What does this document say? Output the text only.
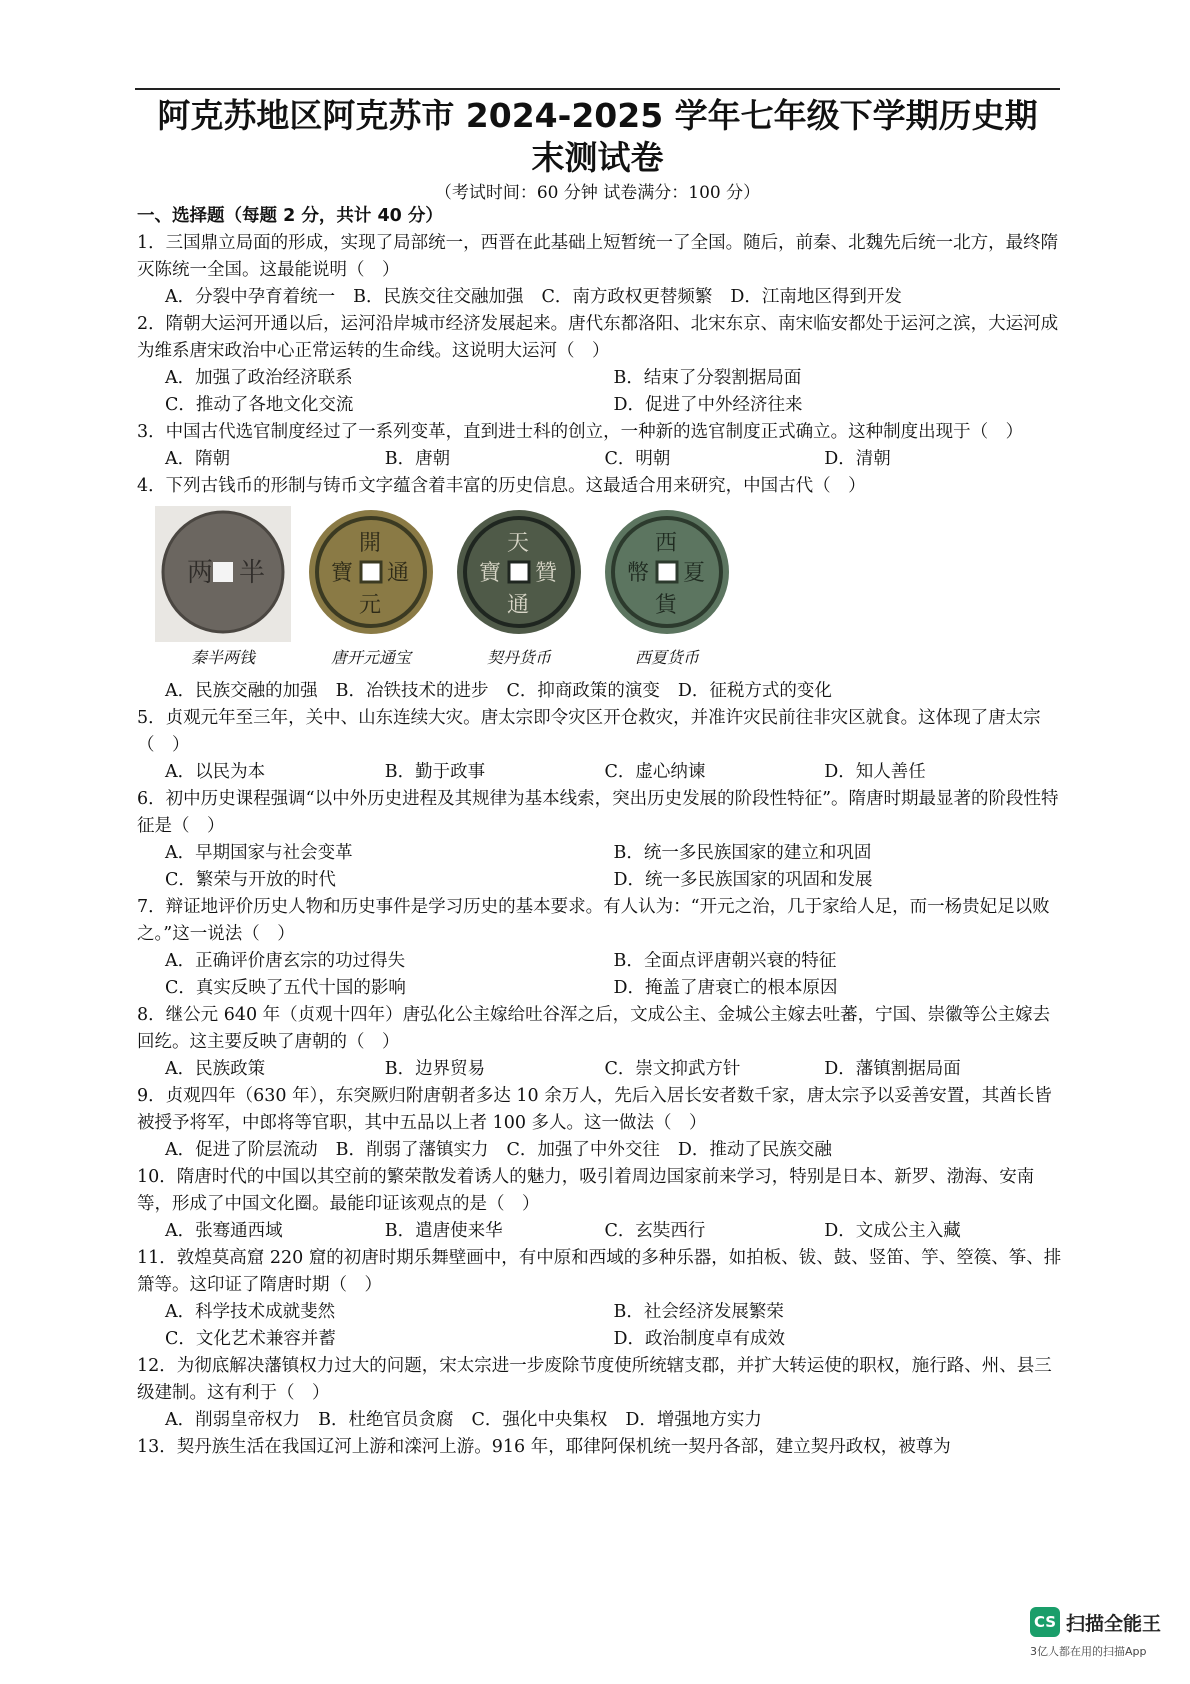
阿克苏地区阿克苏市 2024-2025 学年七年级下学期历史期
末测试卷
（考试时间：60 分钟 试卷满分：100 分）
一、选择题（每题 2 分，共计 40 分）

1．三国鼎立局面的形成，实现了局部统一，西晋在此基础上短暂统一了全国。随后，前秦、北魏先后统一北方，最终隋灭陈统一全国。这最能说明（　）

A．分裂中孕育着统一 B．民族交往交融加强 C．南方政权更替频繁 D．江南地区得到开发

2．隋朝大运河开通以后，运河沿岸城市经济发展起来。唐代东都洛阳、北宋东京、南宋临安都处于运河之滨，大运河成为维系唐宋政治中心正常运转的生命线。这说明大运河（　）

A．加强了政治经济联系	B．结束了分裂割据局面
C．推动了各地文化交流	D．促进了中外经济往来

3．中国古代选官制度经过了一系列变革，直到进士科的创立，一种新的选官制度正式确立。这种制度出现于（　）

A．隋朝	B．唐朝	C．明朝	D．清朝

4．下列古钱币的形制与铸币文字蕴含着丰富的历史信息。这最适合用来研究，中国古代（　）

两 半
秦半两钱
開
通
元
寶
唐开元通宝
天
贊
通
寶
契丹货币
西
夏
貨
幣
西夏货币
A．民族交融的加强 B．冶铁技术的进步 C．抑商政策的演变 D．征税方式的变化

5．贞观元年至三年，关中、山东连续大灾。唐太宗即令灾区开仓救灾，并准许灾民前往非灾区就食。这体现了唐太宗（　）

A．以民为本	B．勤于政事	C．虚心纳谏	D．知人善任

6．初中历史课程强调“以中外历史进程及其规律为基本线索，突出历史发展的阶段性特征”。隋唐时期最显著的阶段性特征是（　）

A．早期国家与社会变革	B．统一多民族国家的建立和巩固
C．繁荣与开放的时代	D．统一多民族国家的巩固和发展

7．辩证地评价历史人物和历史事件是学习历史的基本要求。有人认为：“开元之治，几于家给人足，而一杨贵妃足以败之。”这一说法（　）

A．正确评价唐玄宗的功过得失	B．全面点评唐朝兴衰的特征
C．真实反映了五代十国的影响	D．掩盖了唐衰亡的根本原因

8．继公元 640 年（贞观十四年）唐弘化公主嫁给吐谷浑之后，文成公主、金城公主嫁去吐蕃，宁国、崇徽等公主嫁去回纥。这主要反映了唐朝的（　）

A．民族政策	B．边界贸易	C．崇文抑武方针	D．藩镇割据局面

9．贞观四年（630 年），东突厥归附唐朝者多达 10 余万人，先后入居长安者数千家，唐太宗予以妥善安置，其酋长皆被授予将军，中郎将等官职，其中五品以上者 100 多人。这一做法（　）

A．促进了阶层流动 B．削弱了藩镇实力 C．加强了中外交往 D．推动了民族交融

10．隋唐时代的中国以其空前的繁荣散发着诱人的魅力，吸引着周边国家前来学习，特别是日本、新罗、渤海、安南等，形成了中国文化圈。最能印证该观点的是（　）

A．张骞通西域	B．遣唐使来华	C．玄奘西行	D．文成公主入藏

11．敦煌莫高窟 220 窟的初唐时期乐舞壁画中，有中原和西域的多种乐器，如拍板、钹、鼓、竖笛、竽、箜篌、筝、排箫等。这印证了隋唐时期（　）

A．科学技术成就斐然	B．社会经济发展繁荣
C．文化艺术兼容并蓄	D．政治制度卓有成效

12．为彻底解决藩镇权力过大的问题，宋太宗进一步废除节度使所统辖支郡，并扩大转运使的职权，施行路、州、县三级建制。这有利于（　）

A．削弱皇帝权力 B．杜绝官员贪腐 C．强化中央集权 D．增强地方实力

13．契丹族生活在我国辽河上游和滦河上游。916 年，耶律阿保机统一契丹各部，建立契丹政权，被尊为

CS 扫描全能王
3亿人都在用的扫描App
